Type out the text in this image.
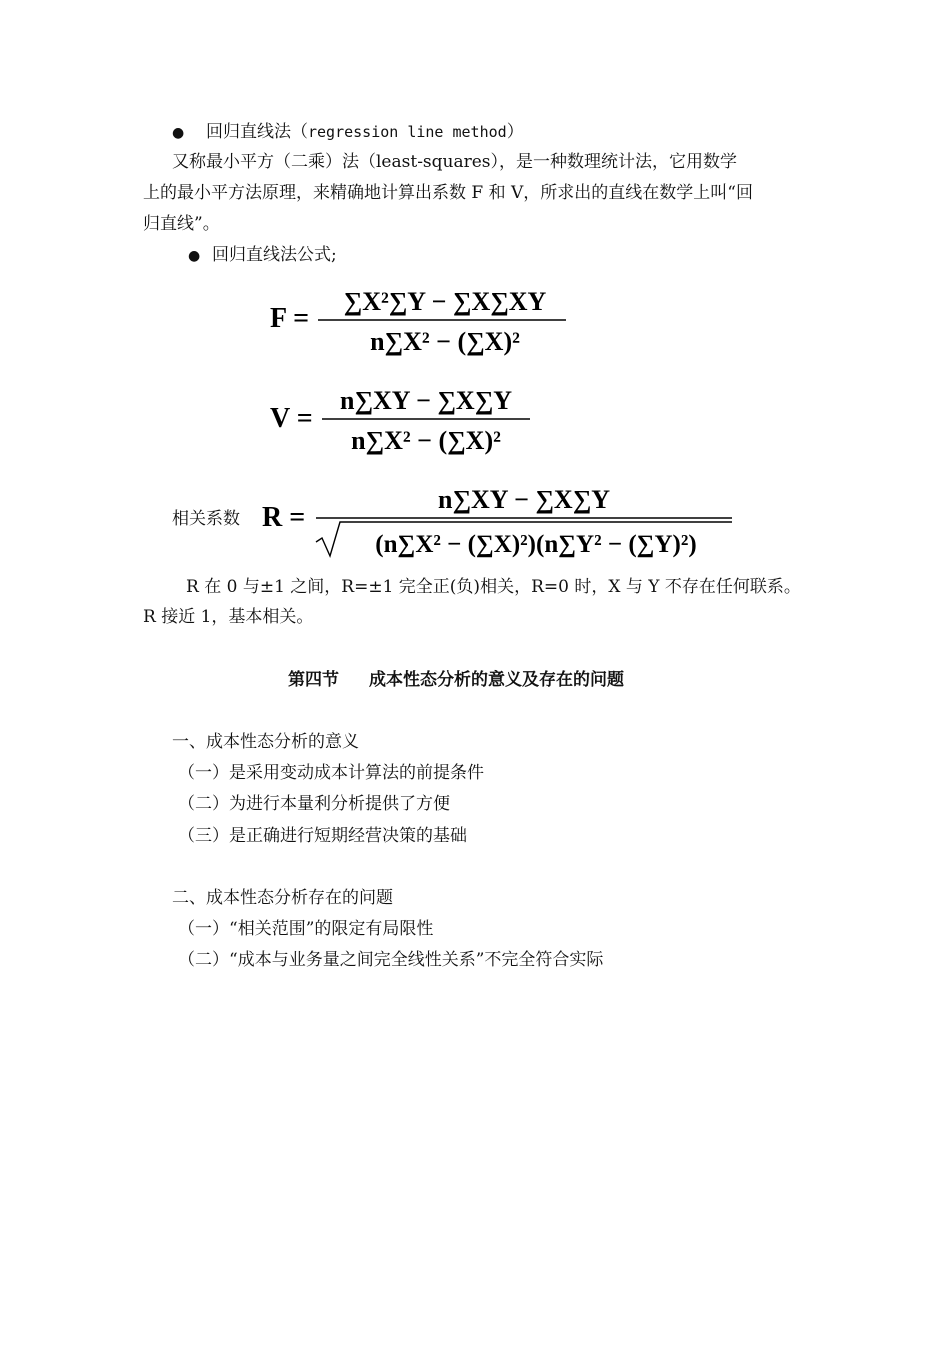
● 回归直线法（regression line method）
又称最小平方（二乘）法（least-squares），是一种数理统计法，它用数学
上的最小平方法原理，来精确地计算出系数 F 和 V，所求出的直线在数学上叫“回
归直线”。
● 回归直线法公式;
F =
∑X²∑Y − ∑X∑XY
n∑X² − (∑X)²
V =
n∑XY − ∑X∑Y
n∑X² − (∑X)²
相关系数 R =
n∑XY − ∑X∑Y
(n∑X² − (∑X)²)(n∑Y² − (∑Y)²)
R 在 0 与±1 之间，R=±1 完全正(负)相关，R=0 时，X 与 Y 不存在任何联系。
R 接近 1，基本相关。
第四节 成本性态分析的意义及存在的问题
一、成本性态分析的意义
（一）是采用变动成本计算法的前提条件
（二）为进行本量利分析提供了方便
（三）是正确进行短期经营决策的基础
二、成本性态分析存在的问题
（一）“相关范围”的限定有局限性
（二）“成本与业务量之间完全线性关系”不完全符合实际
